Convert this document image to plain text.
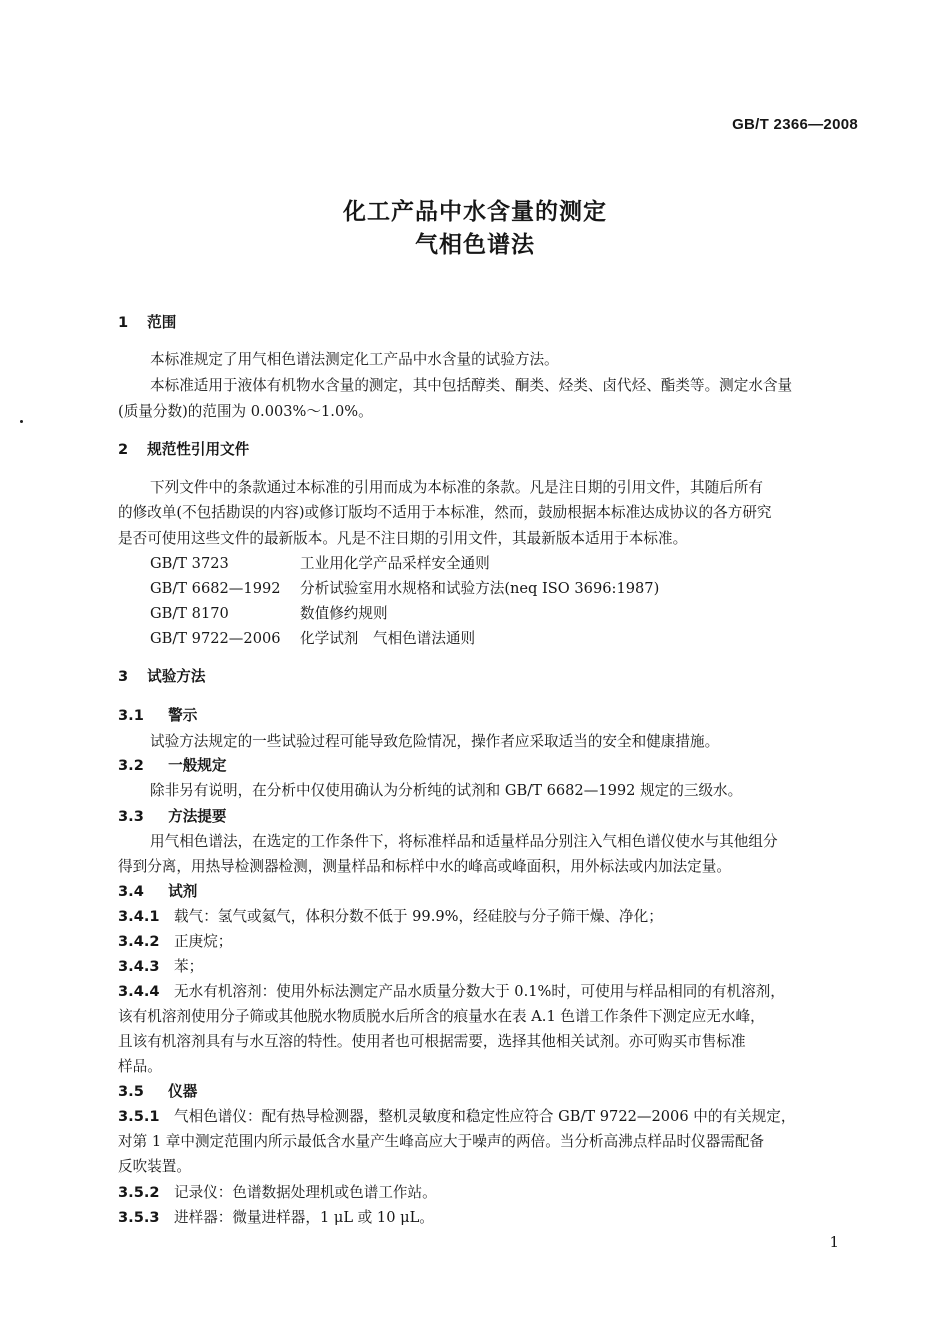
GB/T 2366—2008
化工产品中水含量的测定
气相色谱法
1 范围
本标准规定了用气相色谱法测定化工产品中水含量的试验方法。
本标准适用于液体有机物水含量的测定，其中包括醇类、酮类、烃类、卤代烃、酯类等。测定水含量
(质量分数)的范围为 0.003%～1.0%。
2 规范性引用文件
下列文件中的条款通过本标准的引用而成为本标准的条款。凡是注日期的引用文件，其随后所有
的修改单(不包括勘误的内容)或修订版均不适用于本标准，然而，鼓励根据本标准达成协议的各方研究
是否可使用这些文件的最新版本。凡是不注日期的引用文件，其最新版本适用于本标准。
GB/T 3723	工业用化学产品采样安全通则
GB/T 6682—1992 分析试验室用水规格和试验方法(neq ISO 3696:1987)
GB/T 8170	数值修约规则
GB/T 9722—2006 化学试剂　气相色谱法通则
3 试验方法
3.1 警示
试验方法规定的一些试验过程可能导致危险情况，操作者应采取适当的安全和健康措施。
3.2 一般规定
除非另有说明，在分析中仅使用确认为分析纯的试剂和 GB/T 6682—1992 规定的三级水。
3.3 方法提要
用气相色谱法，在选定的工作条件下，将标准样品和适量样品分别注入气相色谱仪使水与其他组分
得到分离，用热导检测器检测，测量样品和标样中水的峰高或峰面积，用外标法或内加法定量。
3.4 试剂
3.4.1 载气：氢气或氦气，体积分数不低于 99.9%，经硅胶与分子筛干燥、净化；
3.4.2 正庚烷；
3.4.3 苯；
3.4.4 无水有机溶剂：使用外标法测定产品水质量分数大于 0.1%时，可使用与样品相同的有机溶剂，
该有机溶剂使用分子筛或其他脱水物质脱水后所含的痕量水在表 A.1 色谱工作条件下测定应无水峰，
且该有机溶剂具有与水互溶的特性。使用者也可根据需要，选择其他相关试剂。亦可购买市售标准
样品。
3.5 仪器
3.5.1 气相色谱仪：配有热导检测器，整机灵敏度和稳定性应符合 GB/T 9722—2006 中的有关规定，
对第 1 章中测定范围内所示最低含水量产生峰高应大于噪声的两倍。当分析高沸点样品时仪器需配备
反吹装置。
3.5.2 记录仪：色谱数据处理机或色谱工作站。
3.5.3 进样器：微量进样器，1 μL 或 10 μL。
1
